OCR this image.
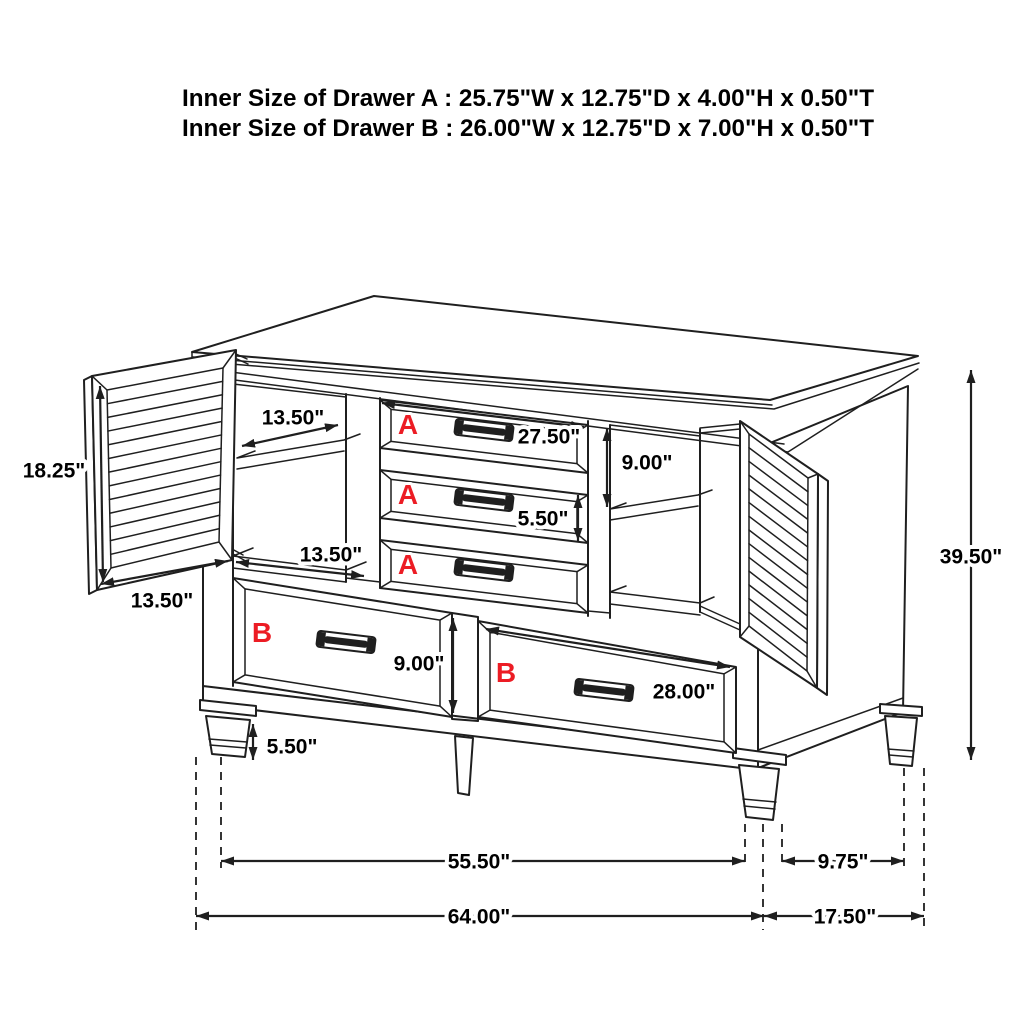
Inner Size of Drawer A : 25.75"W x 12.75"D x 4.00"H x 0.50"T
Inner Size of Drawer B : 26.00"W x 12.75"D x 7.00"H x 0.50"T
18.25"
13.50"
13.50"
13.50"
27.50"
5.50"
9.00"
39.50"
9.00"
28.00"
5.50"
55.50"	9.75"
64.00"	17.50"
A
A
A
B
B
